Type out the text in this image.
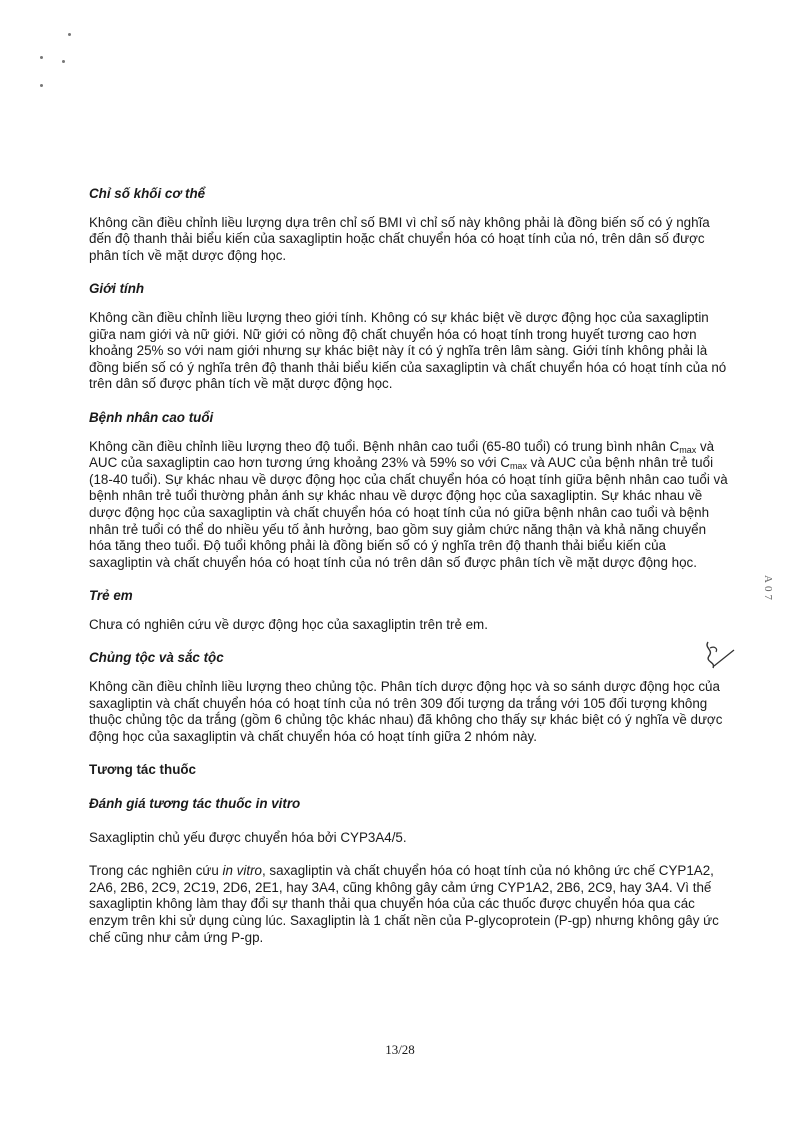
Chỉ số khối cơ thể

Không cần điều chỉnh liều lượng dựa trên chỉ số BMI vì chỉ số này không phải là đồng biến số có ý nghĩa đến độ thanh thải biểu kiến của saxagliptin hoặc chất chuyển hóa có hoạt tính của nó, trên dân số được phân tích về mặt dược động học.

Giới tính

Không cần điều chỉnh liều lượng theo giới tính. Không có sự khác biệt về dược động học của saxagliptin giữa nam giới và nữ giới. Nữ giới có nồng độ chất chuyển hóa có hoạt tính trong huyết tương cao hơn khoảng 25% so với nam giới nhưng sự khác biệt này ít có ý nghĩa trên lâm sàng. Giới tính không phải là đồng biến số có ý nghĩa trên độ thanh thải biểu kiến của saxagliptin và chất chuyển hóa có hoạt tính của nó trên dân số được phân tích về mặt dược động học.

Bệnh nhân cao tuổi

Không cần điều chỉnh liều lượng theo độ tuổi. Bệnh nhân cao tuổi (65-80 tuổi) có trung bình nhân $C_{max}$ và AUC của saxagliptin cao hơn tương ứng khoảng 23% và 59% so với $C_{max}$ và AUC của bệnh nhân trẻ tuổi (18-40 tuổi). Sự khác nhau về dược động học của chất chuyển hóa có hoạt tính giữa bệnh nhân cao tuổi và bệnh nhân trẻ tuổi thường phản ánh sự khác nhau về dược động học của saxagliptin. Sự khác nhau về dược động học của saxagliptin và chất chuyển hóa có hoạt tính của nó giữa bệnh nhân cao tuổi và bệnh nhân trẻ tuổi có thể do nhiều yếu tố ảnh hưởng, bao gồm suy giảm chức năng thận và khả năng chuyển hóa tăng theo tuổi. Độ tuổi không phải là đồng biến số có ý nghĩa trên độ thanh thải biểu kiến của saxagliptin và chất chuyển hóa có hoạt tính của nó trên dân số được phân tích về mặt dược động học.

Trẻ em

Chưa có nghiên cứu về dược động học của saxagliptin trên trẻ em.

Chủng tộc và sắc tộc

Không cần điều chỉnh liều lượng theo chủng tộc. Phân tích dược động học và so sánh dược động học của saxagliptin và chất chuyển hóa có hoạt tính của nó trên 309 đối tượng da trắng với 105 đối tượng không thuộc chủng tộc da trắng (gồm 6 chủng tộc khác nhau) đã không cho thấy sự khác biệt có ý nghĩa về dược động học của saxagliptin và chất chuyển hóa có hoạt tính giữa 2 nhóm này.

Tương tác thuốc

Đánh giá tương tác thuốc in vitro

Saxagliptin chủ yếu được chuyển hóa bởi CYP3A4/5.

Trong các nghiên cứu in vitro, saxagliptin và chất chuyển hóa có hoạt tính của nó không ức chế CYP1A2, 2A6, 2B6, 2C9, 2C19, 2D6, 2E1, hay 3A4, cũng không gây cảm ứng CYP1A2, 2B6, 2C9, hay 3A4. Vì thế saxagliptin không làm thay đổi sự thanh thải qua chuyển hóa của các thuốc được chuyển hóa qua các enzym trên khi sử dụng cùng lúc. Saxagliptin là 1 chất nền của P-glycoprotein (P-gp) nhưng không gây ức chế cũng như cảm ứng P-gp.

A07
13/28
